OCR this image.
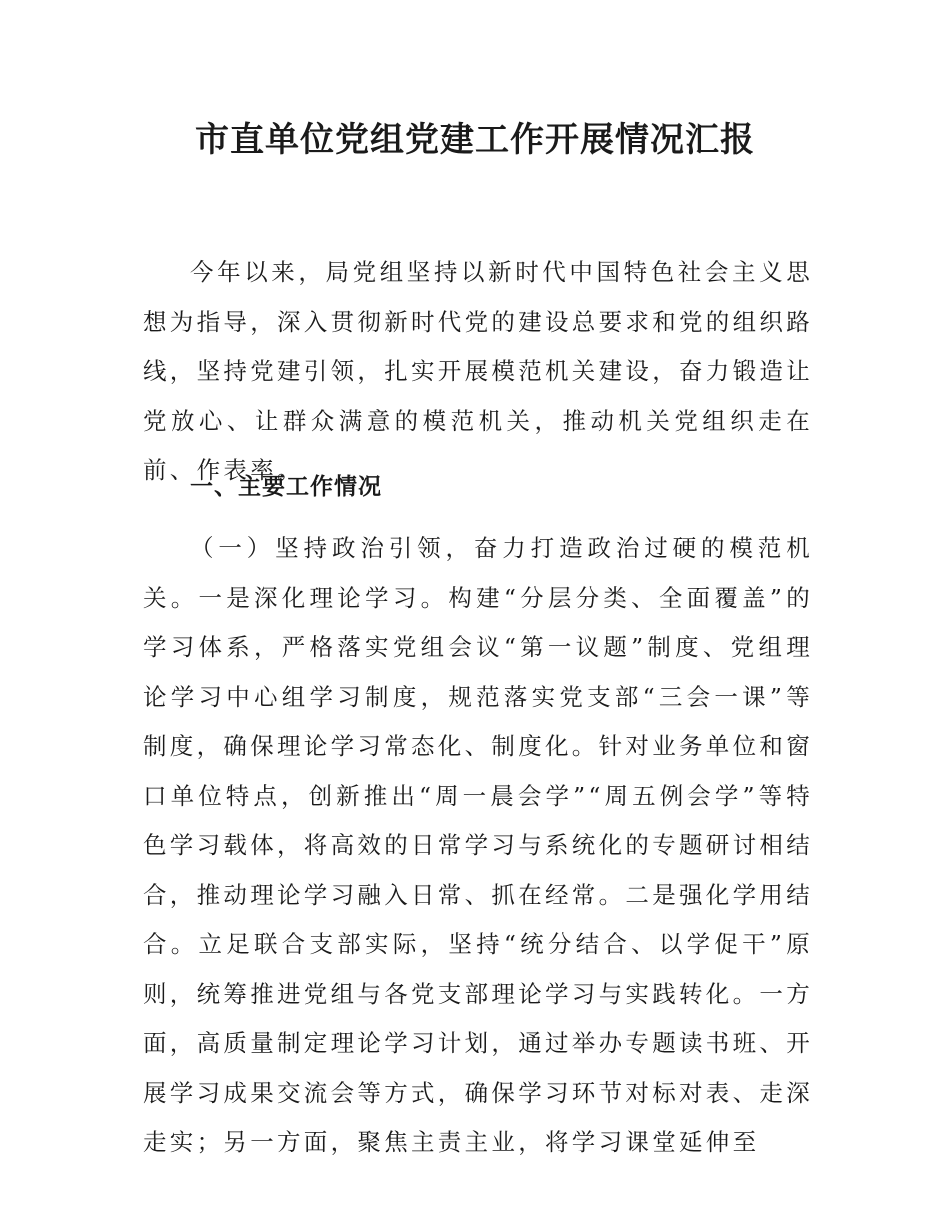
市直单位党组党建工作开展情况汇报

今年以来，局党组坚持以新时代中国特色社会主义思想为指导，深入贯彻新时代党的建设总要求和党的组织路线，坚持党建引领，扎实开展模范机关建设，奋力锻造让党放心、让群众满意的模范机关，推动机关党组织走在前、作表率。

一、主要工作情况

（一）坚持政治引领，奋力打造政治过硬的模范机关。一是深化理论学习。构建“分层分类、全面覆盖”的学习体系，严格落实党组会议“第一议题”制度、党组理论学习中心组学习制度，规范落实党支部“三会一课”等制度，确保理论学习常态化、制度化。针对业务单位和窗口单位特点，创新推出“周一晨会学”“周五例会学”等特色学习载体，将高效的日常学习与系统化的专题研讨相结合，推动理论学习融入日常、抓在经常。二是强化学用结合。立足联合支部实际，坚持“统分结合、以学促干”原则，统筹推进党组与各党支部理论学习与实践转化。一方面，高质量制定理论学习计划，通过举办专题读书班、开展学习成果交流会等方式，确保学习环节对标对表、走深走实；另一方面，聚焦主责主业，将学习课堂延伸至
